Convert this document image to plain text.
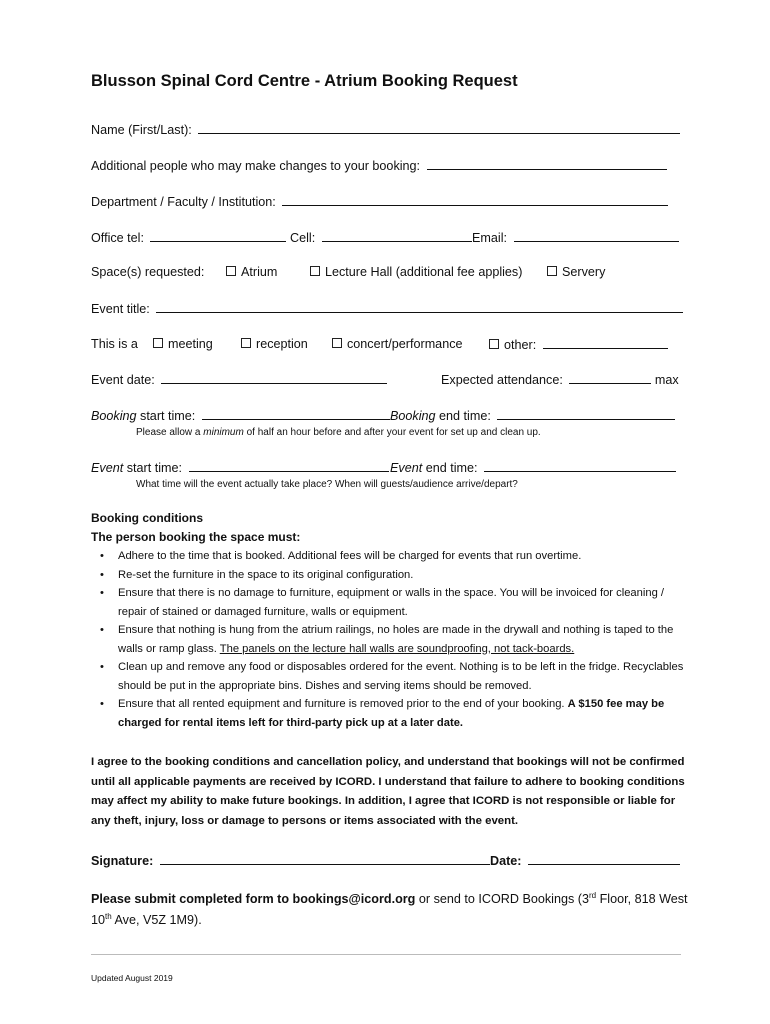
Blusson Spinal Cord Centre - Atrium Booking Request
Name (First/Last):
Additional people who may make changes to your booking:
Department / Faculty / Institution:
Office tel:	Cell:	Email:
Space(s) requested:	Atrium	Lecture Hall (additional fee applies)	Servery
Event title:
This is a	meeting	reception	concert/performance	other:
Event date:	Expected attendance:	max
Booking start time:	Booking end time:
Please allow a minimum of half an hour before and after your event for set up and clean up.
Event start time:	Event end time:
What time will the event actually take place? When will guests/audience arrive/depart?
Booking conditions
The person booking the space must:
• Adhere to the time that is booked. Additional fees will be charged for events that run overtime.
• Re-set the furniture in the space to its original configuration.
• Ensure that there is no damage to furniture, equipment or walls in the space. You will be invoiced for cleaning / repair of stained or damaged furniture, walls or equipment.
• Ensure that nothing is hung from the atrium railings, no holes are made in the drywall and nothing is taped to the walls or ramp glass. The panels on the lecture hall walls are soundproofing, not tack-boards.
• Clean up and remove any food or disposables ordered for the event. Nothing is to be left in the fridge. Recyclables should be put in the appropriate bins. Dishes and serving items should be removed.
• Ensure that all rented equipment and furniture is removed prior to the end of your booking. A $150 fee may be charged for rental items left for third-party pick up at a later date.
I agree to the booking conditions and cancellation policy, and understand that bookings will not be confirmed until all applicable payments are received by ICORD. I understand that failure to adhere to booking conditions may affect my ability to make future bookings. In addition, I agree that ICORD is not responsible or liable for any theft, injury, loss or damage to persons or items associated with the event.
Signature:	Date:
Please submit completed form to bookings@icord.org or send to ICORD Bookings (3rd Floor, 818 West 10th Ave, V5Z 1M9).
Updated August 2019
